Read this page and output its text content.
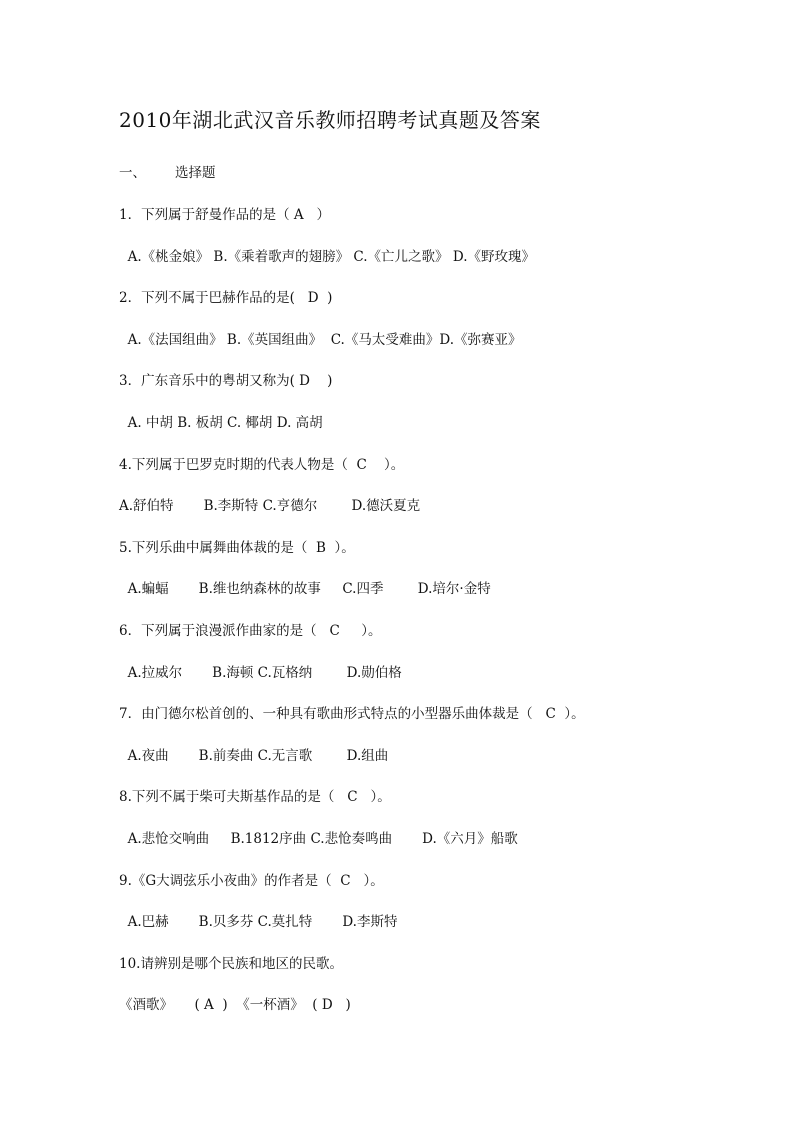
2010年湖北武汉音乐教师招聘考试真题及答案
一、 选择题
1．下列属于舒曼作品的是（ A   ）
A.《桃金娘》 B.《乘着歌声的翅膀》 C.《亡儿之歌》 D.《野玫瑰》
2．下列不属于巴赫作品的是(   D  )
A.《法国组曲》 B.《英国组曲》  C.《马太受难曲》D.《弥赛亚》
3．广东音乐中的粤胡又称为( D    )
A. 中胡 B. 板胡 C. 椰胡 D. 高胡
4.下列属于巴罗克时期的代表人物是（  C    ）。
A.舒伯特       B.李斯特 C.亨德尔        D.德沃夏克
5.下列乐曲中属舞曲体裁的是（  B  ）。
A.蝙蝠       B.维也纳森林的故事     C.四季        D.培尔·金特
6．下列属于浪漫派作曲家的是（   C     ）。
A.拉威尔       B.海顿 C.瓦格纳        D.勋伯格
7．由门德尔松首创的、一种具有歌曲形式特点的小型器乐曲体裁是（   C  ）。
A.夜曲       B.前奏曲 C.无言歌        D.组曲
8.下列不属于柴可夫斯基作品的是（   C   ）。
A.悲怆交响曲     B.1812序曲 C.悲怆奏鸣曲       D.《六月》船歌
9.《G大调弦乐小夜曲》的作者是（  C   ）。
A.巴赫       B.贝多芬 C.莫扎特       D.李斯特
10.请辨别是哪个民族和地区的民歌。
《酒歌》     ( A  )  《一杯酒》  ( D   )
